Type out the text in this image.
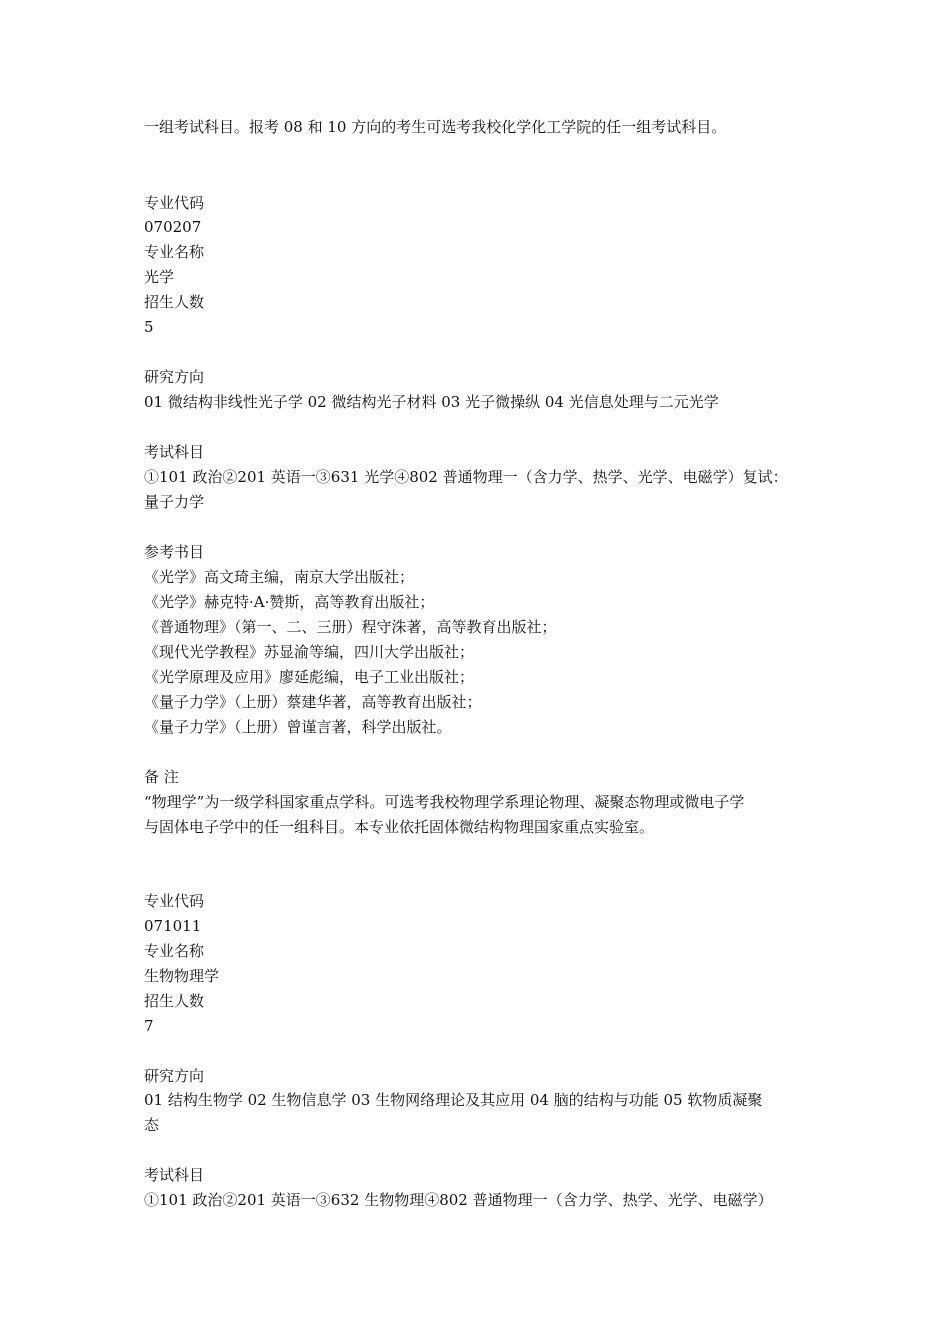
一组考试科目。报考 08 和 10 方向的考生可选考我校化学化工学院的任一组考试科目。
专业代码
070207
专业名称
光学
招生人数
5
研究方向
01 微结构非线性光子学 02 微结构光子材料 03 光子微操纵 04 光信息处理与二元光学
考试科目
①101 政治②201 英语一③631 光学④802 普通物理一（含力学、热学、光学、电磁学）复试：
量子力学
参考书目
《光学》高文琦主编，南京大学出版社；
《光学》赫克特·A·赞斯，高等教育出版社；
《普通物理》（第一、二、三册）程守洙著，高等教育出版社；
《现代光学教程》苏显渝等编，四川大学出版社；
《光学原理及应用》廖延彪编，电子工业出版社；
《量子力学》（上册）蔡建华著，高等教育出版社；
《量子力学》（上册）曾谨言著，科学出版社。
备 注
“物理学”为一级学科国家重点学科。可选考我校物理学系理论物理、凝聚态物理或微电子学
与固体电子学中的任一组科目。本专业依托固体微结构物理国家重点实验室。
专业代码
071011
专业名称
生物物理学
招生人数
7
研究方向
01 结构生物学 02 生物信息学 03 生物网络理论及其应用 04 脑的结构与功能 05 软物质凝聚
态
考试科目
①101 政治②201 英语一③632 生物物理④802 普通物理一（含力学、热学、光学、电磁学）
